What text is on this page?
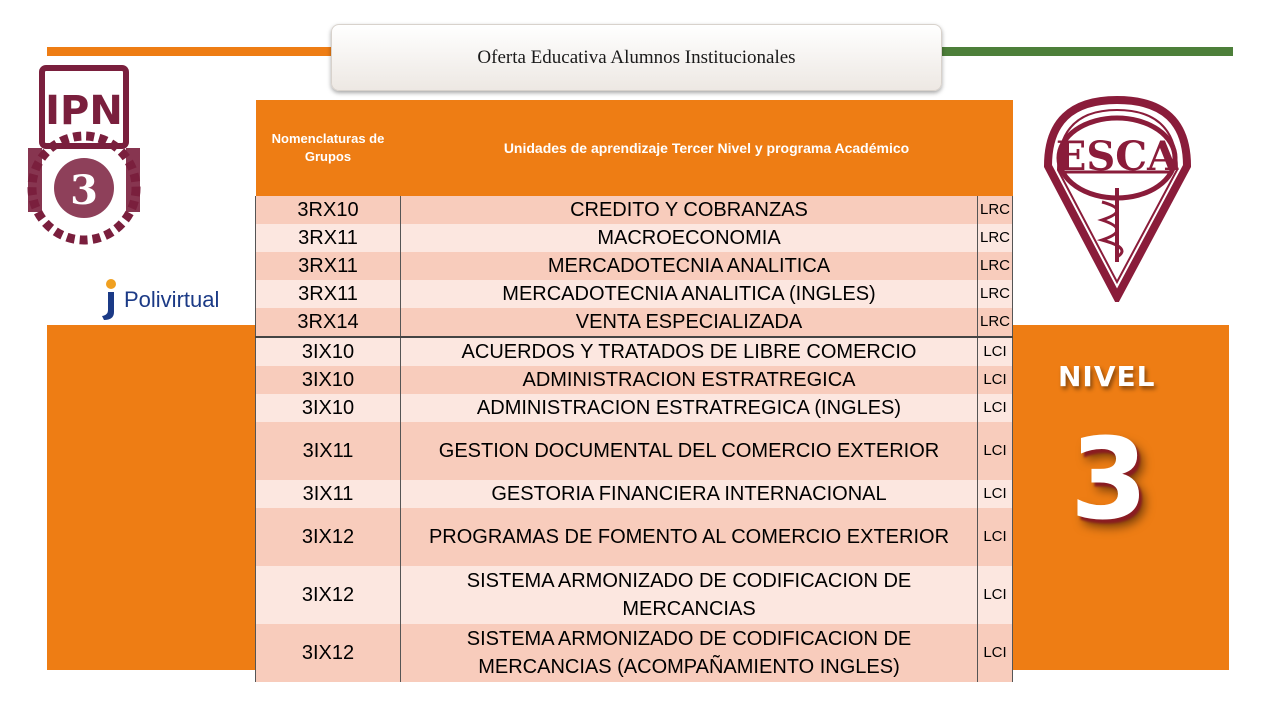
Oferta Educativa Alumnos Institucionales
IPN
3
Polivirtual
ESCA
Nomenclaturas de Grupos	Unidades de aprendizaje Tercer Nivel y programa Académico	
3RX10	CREDITO Y COBRANZAS	LRC
3RX11	MACROECONOMIA	LRC
3RX11	MERCADOTECNIA ANALITICA	LRC
3RX11	MERCADOTECNIA ANALITICA (INGLES)	LRC
3RX14	VENTA ESPECIALIZADA	LRC
3IX10	ACUERDOS Y TRATADOS DE LIBRE COMERCIO	LCI
3IX10	ADMINISTRACION ESTRATREGICA	LCI
3IX10	ADMINISTRACION ESTRATREGICA (INGLES)	LCI
3IX11	GESTION DOCUMENTAL DEL COMERCIO EXTERIOR	LCI
3IX11	GESTORIA FINANCIERA INTERNACIONAL	LCI
3IX12	PROGRAMAS DE FOMENTO AL COMERCIO EXTERIOR	LCI
3IX12	SISTEMA ARMONIZADO DE CODIFICACION DE MERCANCIAS	LCI
3IX12	SISTEMA ARMONIZADO DE CODIFICACION DE MERCANCIAS (ACOMPAÑAMIENTO INGLES)	LCI
NIVEL
3
